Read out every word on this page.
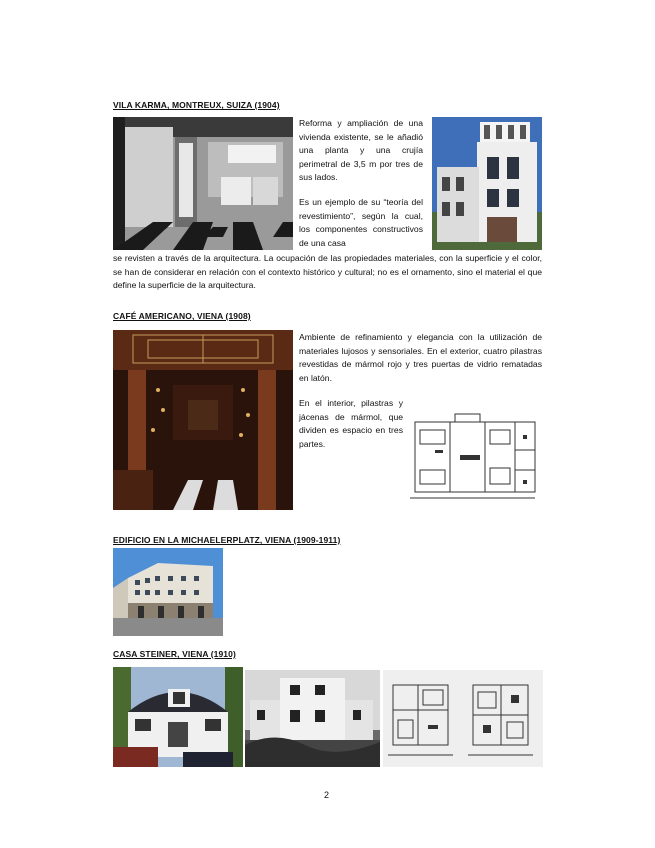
VILA KARMA, MONTREUX, SUIZA (1904)
Reforma y ampliación de una vivienda existente, se le añadió una planta y una crujía perimetral de 3,5 m por tres de sus lados.
Es un ejemplo de su “teoría del revestimiento”, según la cual, los componentes constructivos de una casa
se revisten a través de la arquitectura. La ocupación de las propiedades materiales, con la superficie y el color, se han de considerar en relación con el contexto histórico y cultural; no es el ornamento, sino el material el que define la superficie de la arquitectura.
CAFÉ AMERICANO, VIENA (1908)
Ambiente de refinamiento y elegancia con la utilización de materiales lujosos y sensoriales. En el exterior, cuatro pilastras revestidas de mármol rojo y tres puertas de vidrio rematadas en latón.
En el interior, pilastras y jácenas de mármol, que dividen es espacio en tres partes.
EDIFICIO EN LA MICHAELERPLATZ, VIENA (1909-1911)
CASA STEINER, VIENA (1910)
2
